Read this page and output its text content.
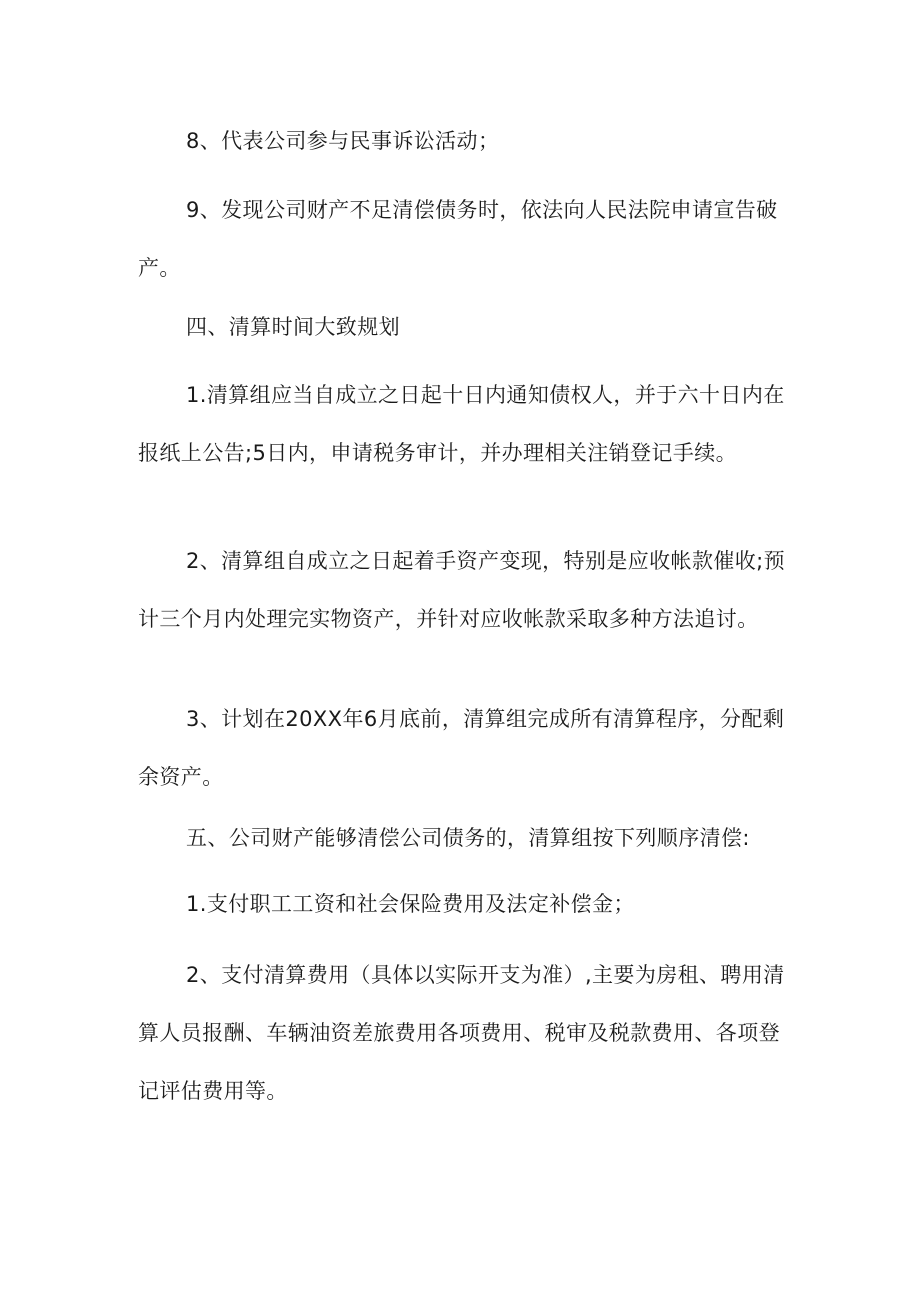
8、代表公司参与民事诉讼活动；

9、发现公司财产不足清偿债务时，依法向人民法院申请宣告破产。

四、清算时间大致规划

1.清算组应当自成立之日起十日内通知债权人，并于六十日内在报纸上公告;5日内，申请税务审计，并办理相关注销登记手续。

2、清算组自成立之日起着手资产变现，特别是应收帐款催收;预计三个月内处理完实物资产，并针对应收帐款采取多种方法追讨。

3、计划在20XX年6月底前，清算组完成所有清算程序，分配剩余资产。

五、公司财产能够清偿公司债务的，清算组按下列顺序清偿:

1.支付职工工资和社会保险费用及法定补偿金；

2、支付清算费用（具体以实际开支为准）,主要为房租、聘用清算人员报酬、车辆油资差旅费用各项费用、税审及税款费用、各项登记评估费用等。
